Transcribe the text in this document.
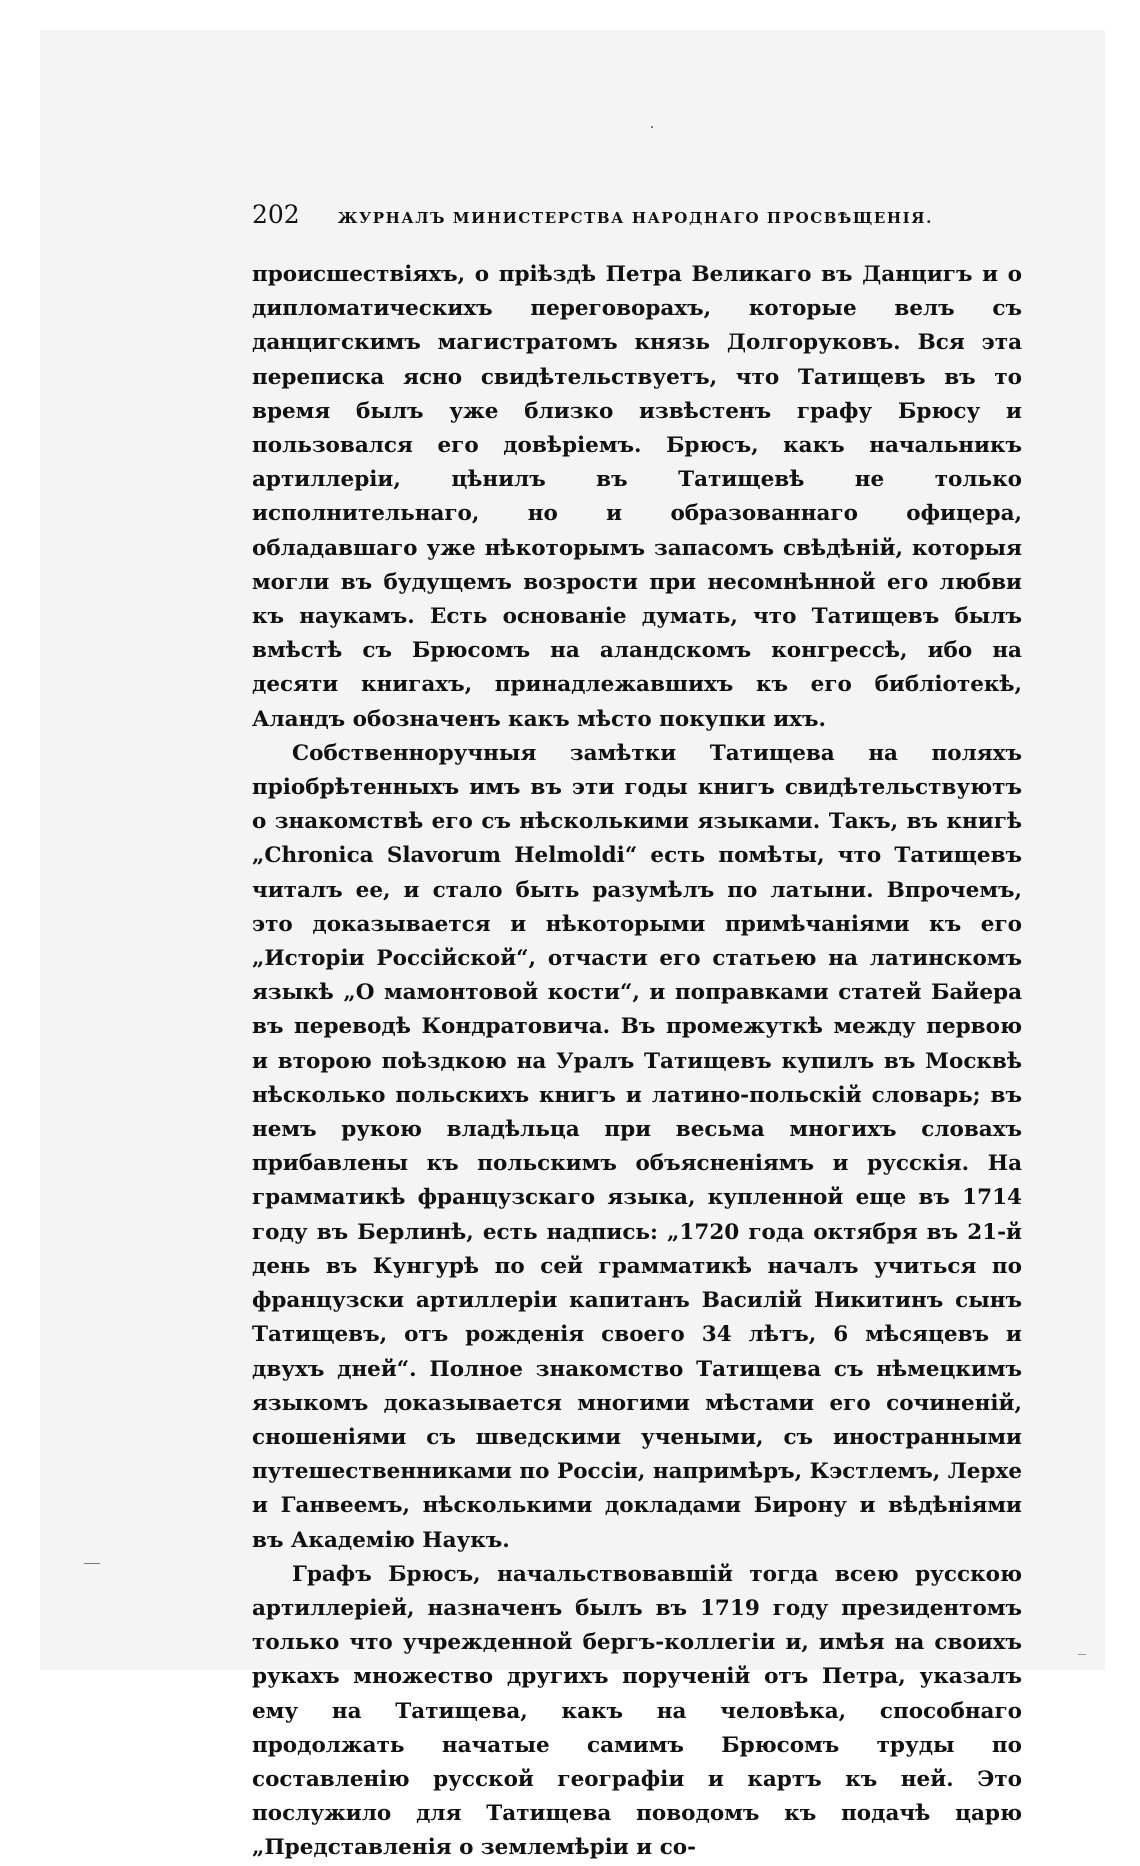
202	ЖУРНАЛЪ МИНИСТЕРСТВА НАРОДНАГО ПРОСВѢЩЕНІЯ.

происшествіяхъ, о пріѣздѣ Петра Великаго въ Данцигъ и о дипломатическихъ переговорахъ, которые велъ съ данцигскимъ магистратомъ князь Долгоруковъ. Вся эта переписка ясно свидѣтельствуетъ, что Татищевъ въ то время былъ уже близко извѣстенъ графу Брюсу и пользовался его довѣріемъ. Брюсъ, какъ начальникъ артиллеріи, цѣнилъ въ Татищевѣ не только исполнительнаго, но и образованнаго офицера, обладавшаго уже нѣкоторымъ запасомъ свѣдѣній, которыя могли въ будущемъ возрости при несомнѣнной его любви къ наукамъ. Есть основаніе думать, что Татищевъ былъ вмѣстѣ съ Брюсомъ на аландскомъ конгрессѣ, ибо на десяти книгахъ, принадлежавшихъ къ его библіотекѣ, Аландъ обозначенъ какъ мѣсто покупки ихъ.

Собственноручныя замѣтки Татищева на поляхъ пріобрѣтенныхъ имъ въ эти годы книгъ свидѣтельствуютъ о знакомствѣ его съ нѣсколькими языками. Такъ, въ книгѣ „Chronica Slavorum Helmoldi“ есть помѣты, что Татищевъ читалъ ее, и стало быть разумѣлъ по латыни. Впрочемъ, это доказывается и нѣкоторыми примѣчаніями къ его „Исторіи Россійской“, отчасти его статьею на латинскомъ языкѣ „О мамонтовой кости“, и поправками статей Байера въ переводѣ Кондратовича. Въ промежуткѣ между первою и второю поѣздкою на Уралъ Татищевъ купилъ въ Москвѣ нѣсколько польскихъ книгъ и латино-польскій словарь; въ немъ рукою владѣльца при весьма многихъ словахъ прибавлены къ польскимъ объясненіямъ и русскія. На грамматикѣ французскаго языка, купленной еще въ 1714 году въ Берлинѣ, есть надпись: „1720 года октября въ 21-й день въ Кунгурѣ по сей грамматикѣ началъ учиться по французски артиллеріи капитанъ Василій Никитинъ сынъ Татищевъ, отъ рожденія своего 34 лѣтъ, 6 мѣсяцевъ и двухъ дней“. Полное знакомство Татищева съ нѣмецкимъ языкомъ доказывается многими мѣстами его сочиненій, сношеніями съ шведскими учеными, съ иностранными путешественниками по Россіи, напримѣръ, Кэстлемъ, Лерхе и Ганвеемъ, нѣсколькими докладами Бирону и вѣдѣніями въ Академію Наукъ.

Графъ Брюсъ, начальствовавшій тогда всею русскою артиллеріей, назначенъ былъ въ 1719 году президентомъ только что учрежденной бергъ-коллегіи и, имѣя на своихъ рукахъ множество другихъ порученій отъ Петра, указалъ ему на Татищева, какъ на человѣка, способнаго продолжать начатые самимъ Брюсомъ труды по составленію русской географіи и картъ къ ней. Это послужило для Татищева поводомъ къ подачѣ царю „Представленія о землемѣріи и со-
